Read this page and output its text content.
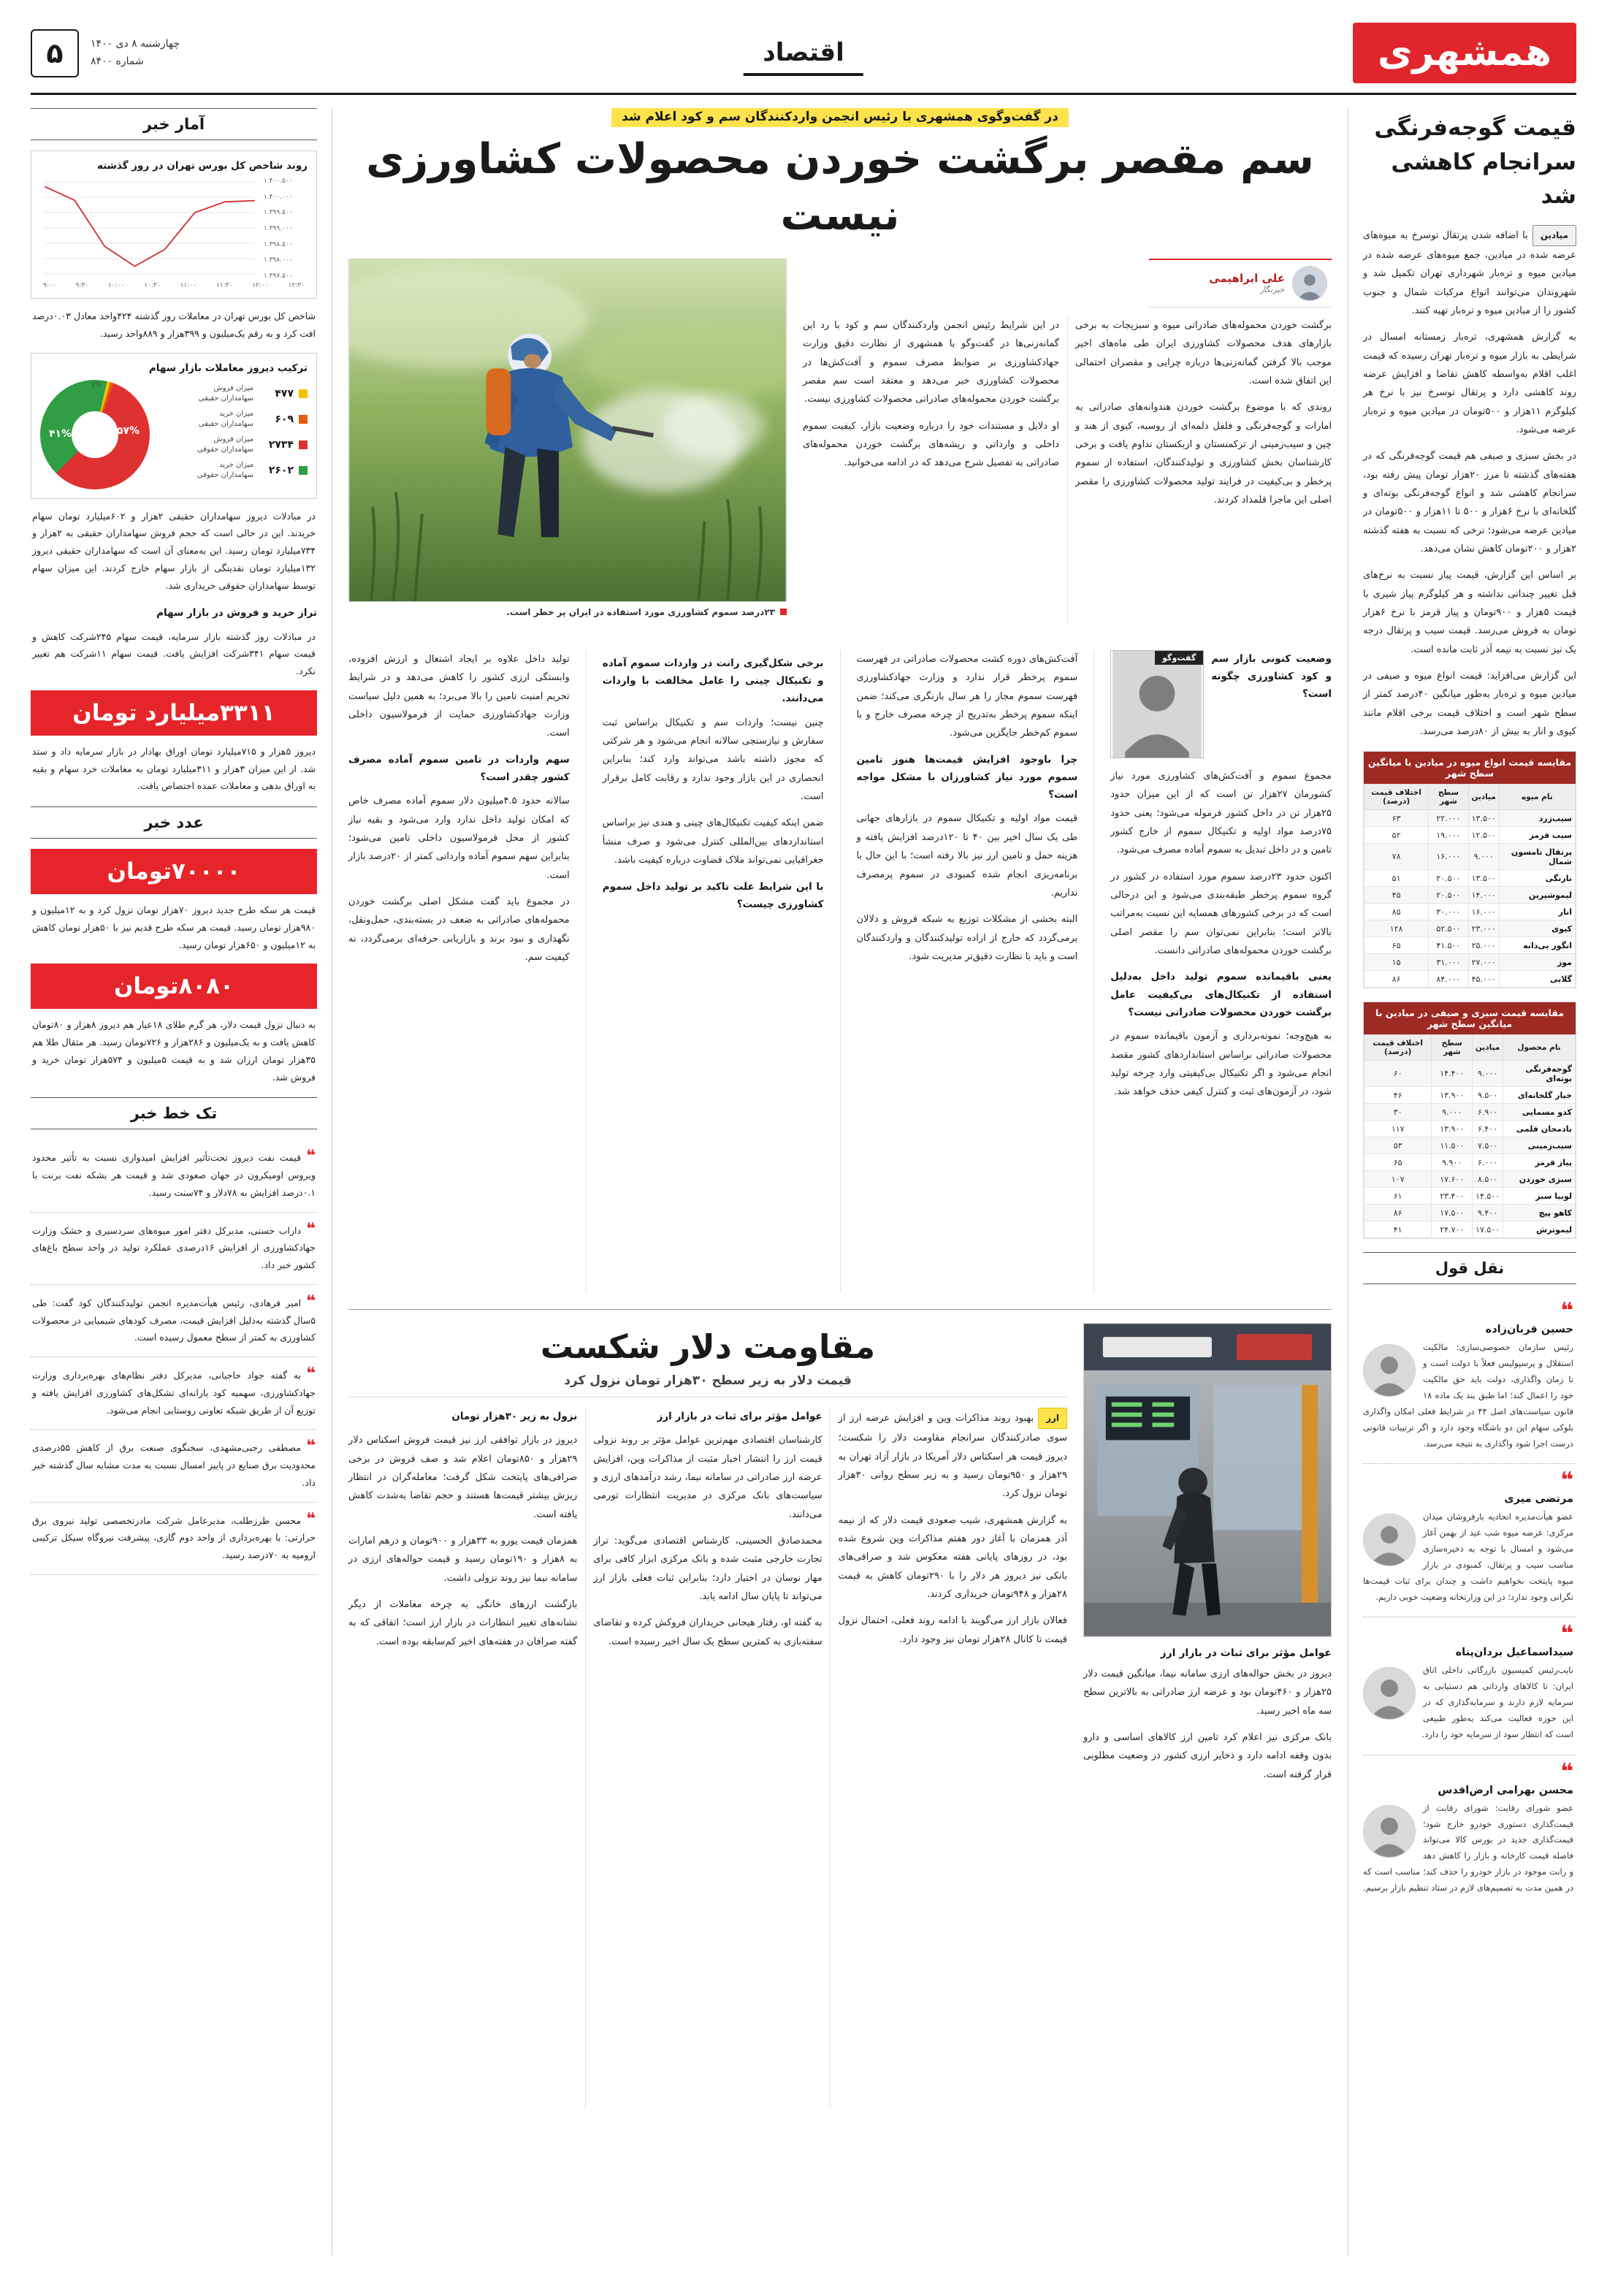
همشهری
اقتصاد
چهارشنبه ۸ دی ۱۴۰۰
شماره ۸۴۰۰
۵
قیمت گوجه‌فرنگی سرانجام کاهشی شد

میادینبا اضافه شدن پرتقال توسرخ به میوه‌های عرضه شده در میادین، جمع میوه‌های عرضه شده در میادین میوه و تره‌بار شهرداری تهران تکمیل شد و شهروندان می‌توانند انواع مرکبات شمال و جنوب کشور را از میادین میوه و تره‌بار تهیه کنند.

به گزارش همشهری، تره‌بار زمستانه امسال در شرایطی به بازار میوه و تره‌بار تهران رسیده که قیمت اغلب اقلام به‌واسطه کاهش تقاضا و افزایش عرضه روند کاهشی دارد و پرتقال توسرخ نیز با نرخ هر کیلوگرم ۱۱هزار و ۵۰۰تومان در میادین میوه و تره‌بار عرضه می‌شود.

در بخش سبزی و صیفی هم قیمت گوجه‌فرنگی که در هفته‌های گذشته تا مرز ۲۰هزار تومان پیش رفته بود، سرانجام کاهشی شد و انواع گوجه‌فرنگی بوته‌ای و گلخانه‌ای با نرخ ۶هزار و ۵۰۰ تا ۱۱هزار و ۵۰۰تومان در میادین عرضه می‌شود؛ نرخی که نسبت به هفته گذشته ۲هزار و ۲۰۰تومان کاهش نشان می‌دهد.

بر اساس این گزارش، قیمت پیاز نسبت به نرخ‌های قبل تغییر چندانی نداشته و هر کیلوگرم پیاز شیری با قیمت ۵هزار و ۹۰۰تومان و پیاز قرمز با نرخ ۶هزار تومان به فروش می‌رسد. قیمت سیب و پرتقال درجه یک نیز نسبت به نیمه آذر ثابت مانده است.

این گزارش می‌افزاید: قیمت انواع میوه و صیفی در میادین میوه و تره‌بار به‌طور میانگین ۴۰درصد کمتر از سطح شهر است و اختلاف قیمت برخی اقلام مانند کیوی و انار به بیش از ۸۰درصد می‌رسد.

مقایسه قیمت انواع میوه در میادین با میانگین سطح شهر
نام میوه	میادین	سطح شهر	اختلاف قیمت (درصد)
سیب‌زرد	۱۳.۵۰۰	۲۲.۰۰۰	۶۳
سیب قرمز	۱۲.۵۰۰	۱۹.۰۰۰	۵۲
پرتقال تامسون شمال	۹.۰۰۰	۱۶.۰۰۰	۷۸
نارنگی	۱۳.۵۰۰	۲۰.۵۰۰	۵۱
لیموشیرین	۱۴.۰۰۰	۲۰.۵۰۰	۴۵
انار	۱۶.۰۰۰	۳۰.۰۰۰	۸۵
کیوی	۲۳.۰۰۰	۵۲.۵۰۰	۱۲۸
انگور بی‌دانه	۲۵.۰۰۰	۴۱.۵۰۰	۶۵
موز	۲۷.۰۰۰	۳۱.۰۰۰	۱۵
گلابی	۴۵.۰۰۰	۸۴.۰۰۰	۸۶
مقایسه قیمت سبزی و صیفی در میادین با میانگین سطح شهر
نام محصول	میادین	سطح شهر	اختلاف قیمت (درصد)
گوجه‌فرنگی بوته‌ای	۹.۰۰۰	۱۴.۴۰۰	۶۰
خیار گلخانه‌ای	۹.۵۰۰	۱۳.۹۰۰	۴۶
کدو مسمایی	۶.۹۰۰	۹.۰۰۰	۳۰
بادمجان قلمی	۶.۴۰۰	۱۳.۹۰۰	۱۱۷
سیب‌زمینی	۷.۵۰۰	۱۱.۵۰۰	۵۳
پیاز قرمز	۶.۰۰۰	۹.۹۰۰	۶۵
سبزی خوردن	۸.۵۰۰	۱۷.۶۰۰	۱۰۷
لوبیا سبز	۱۴.۵۰۰	۲۳.۴۰۰	۶۱
کاهو پیچ	۹.۴۰۰	۱۷.۵۰۰	۸۶
لیموترش	۱۷.۵۰۰	۲۴.۷۰۰	۴۱
نقل قول
❝
حسین قربان‌زاده
رئیس سازمان خصوصی‌سازی: مالکیت استقلال و پرسپولیس فعلاً با دولت است و تا زمان واگذاری، دولت باید حق مالکیت خود را اعمال کند؛ اما طبق بند یک ماده ۱۸ قانون سیاست‌های اصل ۴۴ در شرایط فعلی امکان واگذاری بلوکی سهام این دو باشگاه وجود دارد و اگر ترتیبات قانونی درست اجرا شود واگذاری به نتیجه می‌رسد.
❝
مرتضی میری
عضو هیأت‌مدیره اتحادیه بارفروشان میدان مرکزی: عرضه میوه شب عید از بهمن آغاز می‌شود و امسال با توجه به ذخیره‌سازی مناسب سیب و پرتقال، کمبودی در بازار میوه پایتخت نخواهیم داشت و چندان برای ثبات قیمت‌ها نگرانی وجود ندارد؛ در این وزارتخانه وضعیت خوبی داریم.
❝
سیداسماعیل بردان‌پناه
نایب‌رئیس کمیسیون بازرگانی داخلی اتاق ایران: تا کالاهای وارداتی هم دستیابی به سرمایه لازم دارند و سرمایه‌گذاری که در این حوزه فعالیت می‌کند به‌طور طبیعی است که انتظار سود از سرمایه خود را دارد.
❝
محسن بهرامی ارض‌اقدس
عضو شورای رقابت: شورای رقابت از قیمت‌گذاری دستوری خودرو خارج شود؛ قیمت‌گذاری جدید در بورس کالا می‌تواند فاصله قیمت کارخانه و بازار را کاهش دهد و رانت موجود در بازار خودرو را حذف کند؛ مناسب است که در همین مدت به تصمیم‌های لازم در ستاد تنظیم بازار برسیم.
در گفت‌وگوی همشهری با رئیس انجمن واردکنندگان سم و کود اعلام شد
سم مقصر برگشت خوردن محصولات کشاورزی نیست
علی ابراهیمی
خبرنگار

برگشت خوردن محموله‌های صادراتی میوه و سبزیجات به برخی بازارهای هدف محصولات کشاورزی ایران طی ماه‌های اخیر موجب بالا گرفتن گمانه‌زنی‌ها درباره چرایی و مقصران احتمالی این اتفاق شده است.

روندی که با موضوع برگشت خوردن هندوانه‌های صادراتی به امارات و گوجه‌فرنگی و فلفل دلمه‌ای از روسیه، کیوی از هند و چین و سیب‌زمینی از ترکمنستان و ازبکستان تداوم یافت و برخی کارشناسان بخش کشاورزی و تولیدکنندگان، استفاده از سموم پرخطر و بی‌کیفیت در فرایند تولید محصولات کشاورزی را مقصر اصلی این ماجرا قلمداد کردند.

در این شرایط رئیس انجمن واردکنندگان سم و کود با رد این گمانه‌زنی‌ها در گفت‌وگو با همشهری از نظارت دقیق وزارت جهادکشاورزی بر ضوابط مصرف سموم و آفت‌کش‌ها در محصولات کشاورزی خبر می‌دهد و معتقد است سم مقصر برگشت خوردن محموله‌های صادراتی محصولات کشاورزی نیست.

او دلایل و مستندات خود را درباره وضعیت بازار، کیفیت سموم داخلی و وارداتی و ریشه‌های برگشت خوردن محموله‌های صادراتی به تفصیل شرح می‌دهد که در ادامه می‌خوانید.

۲۳درصد سموم کشاورزی مورد استفاده در ایران پر خطر است.
وضعیت کنونی بازار سم و کود کشاورزی چگونه است؟
گفت‌وگو

مجموع سموم و آفت‌کش‌های کشاورزی مورد نیاز کشورمان ۲۷هزار تن است که از این میزان حدود ۲۵هزار تن در داخل کشور فرموله می‌شود؛ یعنی حدود ۷۵درصد مواد اولیه و تکنیکال سموم از خارج کشور تامین و در داخل تبدیل به سموم آماده مصرف می‌شود.

اکنون حدود ۲۳درصد سموم مورد استفاده در کشور در گروه سموم پرخطر طبقه‌بندی می‌شود و این درحالی است که در برخی کشورهای همسایه این نسبت به‌مراتب بالاتر است؛ بنابراین نمی‌توان سم را مقصر اصلی برگشت خوردن محموله‌های صادراتی دانست.

یعنی باقیمانده سموم تولید داخل به‌دلیل استفاده از تکنیکال‌های بی‌کیفیت عامل برگشت خوردن محصولات صادراتی نیست؟

به هیچ‌وجه؛ نمونه‌برداری و آزمون باقیمانده سموم در محصولات صادراتی براساس استانداردهای کشور مقصد انجام می‌شود و اگر تکنیکال بی‌کیفیتی وارد چرخه تولید شود، در آزمون‌های ثبت و کنترل کیفی حذف خواهد شد.

آفت‌کش‌های دوره کشت محصولات صادراتی در فهرست سموم پرخطر قرار ندارد و وزارت جهادکشاورزی فهرست سموم مجاز را هر سال بازنگری می‌کند؛ ضمن اینکه سموم پرخطر به‌تدریج از چرخه مصرف خارج و با سموم کم‌خطر جایگزین می‌شود.

چرا باوجود افزایش قیمت‌ها هنوز تامین سموم مورد نیاز کشاورزان با مشکل مواجه است؟

قیمت مواد اولیه و تکنیکال سموم در بازارهای جهانی طی یک سال اخیر بین ۴۰ تا ۱۲۰درصد افزایش یافته و هزینه حمل و تامین ارز نیز بالا رفته است؛ با این حال با برنامه‌ریزی انجام شده کمبودی در سموم پرمصرف نداریم.

البته بخشی از مشکلات توزیع به شبکه فروش و دلالان برمی‌گردد که خارج از اراده تولیدکنندگان و واردکنندگان است و باید با نظارت دقیق‌تر مدیریت شود.

برخی شکل‌گیری رانت در واردات سموم آماده و تکنیکال چینی را عامل مخالفت با واردات می‌دانند.

چنین نیست؛ واردات سم و تکنیکال براساس ثبت سفارش و نیازسنجی سالانه انجام می‌شود و هر شرکتی که مجوز داشته باشد می‌تواند وارد کند؛ بنابراین انحصاری در این بازار وجود ندارد و رقابت کامل برقرار است.

ضمن اینکه کیفیت تکنیکال‌های چینی و هندی نیز براساس استانداردهای بین‌المللی کنترل می‌شود و صرف منشأ جغرافیایی نمی‌تواند ملاک قضاوت درباره کیفیت باشد.

با این شرایط علت تاکید بر تولید داخل سموم کشاورزی چیست؟

تولید داخل علاوه بر ایجاد اشتغال و ارزش افزوده، وابستگی ارزی کشور را کاهش می‌دهد و در شرایط تحریم امنیت تامین را بالا می‌برد؛ به همین دلیل سیاست وزارت جهادکشاورزی حمایت از فرمولاسیون داخلی است.

سهم واردات در تامین سموم آماده مصرف کشور چقدر است؟

سالانه حدود ۴.۵میلیون دلار سموم آماده مصرف خاص که امکان تولید داخل ندارد وارد می‌شود و بقیه نیاز کشور از محل فرمولاسیون داخلی تامین می‌شود؛ بنابراین سهم سموم آماده وارداتی کمتر از ۲۰درصد بازار است.

در مجموع باید گفت مشکل اصلی برگشت خوردن محموله‌های صادراتی به ضعف در بسته‌بندی، حمل‌ونقل، نگهداری و نبود برند و بازاریابی حرفه‌ای برمی‌گردد، نه کیفیت سم.

عوامل مؤثر برای ثبات در بازار ارز

دیروز در بخش حواله‌های ارزی سامانه نیما، میانگین قیمت دلار ۲۵هزار و ۴۶۰تومان بود و عرضه ارز صادراتی به بالاترین سطح سه ماه اخیر رسید.

بانک مرکزی نیز اعلام کرد تامین ارز کالاهای اساسی و دارو بدون وقفه ادامه دارد و ذخایر ارزی کشور در وضعیت مطلوبی قرار گرفته است.

مقاومت دلار شکست
قیمت دلار به زیر سطح ۳۰هزار تومان نزول کرد

ارزبهبود روند مذاکرات وین و افزایش عرضه ارز از سوی صادرکنندگان سرانجام مقاومت دلار را شکست؛ دیروز قیمت هر اسکناس دلار آمریکا در بازار آزاد تهران به ۲۹هزار و ۹۵۰تومان رسید و به زیر سطح روانی ۳۰هزار تومان نزول کرد.

به گزارش همشهری، شیب صعودی قیمت دلار که از نیمه آذر همزمان با آغاز دور هفتم مذاکرات وین شروع شده بود، در روزهای پایانی هفته معکوس شد و صرافی‌های بانکی نیز دیروز هر دلار را با ۲۹۰تومان کاهش به قیمت ۲۸هزار و ۹۴۸تومان خریداری کردند.

فعالان بازار ارز می‌گویند با ادامه روند فعلی، احتمال نزول قیمت تا کانال ۲۸هزار تومان نیز وجود دارد.

عوامل مؤثر برای ثبات در بازار ارز

کارشناسان اقتصادی مهم‌ترین عوامل مؤثر بر روند نزولی قیمت ارز را انتشار اخبار مثبت از مذاکرات وین، افزایش عرضه ارز صادراتی در سامانه نیما، رشد درآمدهای ارزی و سیاست‌های بانک مرکزی در مدیریت انتظارات تورمی می‌دانند.

محمدصادق الحسینی، کارشناس اقتصادی می‌گوید: تراز تجارت خارجی مثبت شده و بانک مرکزی ابزار کافی برای مهار نوسان در اختیار دارد؛ بنابراین ثبات فعلی بازار ارز می‌تواند تا پایان سال ادامه یابد.

به گفته او، رفتار هیجانی خریداران فروکش کرده و تقاضای سفته‌بازی به کمترین سطح یک سال اخیر رسیده است.

نزول به زیر ۳۰هزار تومان

دیروز در بازار توافقی ارز نیز قیمت فروش اسکناس دلار ۲۹هزار و ۸۵۰تومان اعلام شد و صف فروش در برخی صرافی‌های پایتخت شکل گرفت؛ معامله‌گران در انتظار ریزش بیشتر قیمت‌ها هستند و حجم تقاضا به‌شدت کاهش یافته است.

همزمان قیمت یورو به ۳۳هزار و ۹۰۰تومان و درهم امارات به ۸هزار و ۱۹۰تومان رسید و قیمت حواله‌های ارزی در سامانه نیما نیز روند نزولی داشت.

بازگشت ارزهای خانگی به چرخه معاملات از دیگر نشانه‌های تغییر انتظارات در بازار ارز است؛ اتفاقی که به گفته صرافان در هفته‌های اخیر کم‌سابقه بوده است.

آمار خبر
روند شاخص کل بورس تهران در روز گذشته
۱.۴۰۰.۵۰۰
۱.۴۰۰.۰۰۰
۱.۳۹۹.۵۰۰
۱.۳۹۹.۰۰۰
۱.۳۹۸.۵۰۰
۱.۳۹۸.۰۰۰
۱.۳۹۷.۵۰۰
۹:۰۰	۹:۳۰	۱۰:۰۰	۱۰:۳۰	۱۱:۰۰	۱۱:۳۰	۱۲:۰۰	۱۲:۳۰

شاخص کل بورس تهران در معاملات روز گذشته ۴۲۴واحد معادل ۰.۰۳درصد افت کرد و به رقم یک‌میلیون و ۳۹۹هزار و ۸۸۹واحد رسید.

ترکیب دیروز معاملات بازار سهام
۴۷۷
میزان فروش
سهامداران حقیقی
۶۰۹
میزان خرید
سهامداران حقیقی
۲۷۳۴
میزان فروش
سهامداران حقوقی
۲۶۰۲
میزان خرید
سهامداران حقوقی
۵۷%
۴۱%
۱%

در مبادلات دیروز سهامداران حقیقی ۲هزار و ۶۰۲میلیارد تومان سهام خریدند. این در حالی است که حجم فروش سهامداران حقیقی به ۲هزار و ۷۳۴میلیارد تومان رسید. این به‌معنای آن است که سهامداران حقیقی دیروز ۱۳۲میلیارد تومان نقدینگی از بازار سهام خارج کردند. این میزان سهام توسط سهامداران حقوقی خریداری شد.

تراز خرید و فروش در بازار سهام

در مبادلات روز گذشته بازار سرمایه، قیمت سهام ۲۴۵شرکت کاهش و قیمت سهام ۳۴۱شرکت افزایش یافت. قیمت سهام ۱۱شرکت هم تغییر نکرد.

۳۳۱۱میلیارد تومان

دیروز ۵هزار و ۷۱۵میلیارد تومان اوراق بهادار در بازار سرمایه داد و ستد شد. از این میزان ۳هزار و ۳۱۱میلیارد تومان به معاملات خرد سهام و بقیه به اوراق بدهی و معاملات عمده اختصاص یافت.

عدد خبر
۷۰۰۰۰تومان

قیمت هر سکه طرح جدید دیروز ۷۰هزار تومان نزول کرد و به ۱۲میلیون و ۹۸۰هزار تومان رسید. قیمت هر سکه طرح قدیم نیز با ۵۰هزار تومان کاهش به ۱۲میلیون و ۶۵۰هزار تومان رسید.

۸۰۸۰تومان

به دنبال نزول قیمت دلار، هر گرم طلای ۱۸عیار هم دیروز ۸هزار و ۸۰تومان کاهش یافت و به یک‌میلیون و ۲۸۶هزار و ۷۲۶تومان رسید. هر مثقال طلا هم ۳۵هزار تومان ارزان شد و به قیمت ۵میلیون و ۵۷۴هزار تومان خرید و فروش شد.

تک خط خبر
❝
قیمت نفت دیروز تحت‌تأثیر افزایش امیدواری نسبت به تأثیر محدود ویروس اومیکرون در جهان صعودی شد و قیمت هر بشکه نفت برنت با ۰.۱درصد افزایش به ۷۸دلار و ۷۴سنت رسید.
❝
داراب حسنی، مدیرکل دفتر امور میوه‌های سردسیری و خشک وزارت جهادکشاورزی از افزایش ۱۶درصدی عملکرد تولید در واحد سطح باغ‌های کشور خبر داد.
❝
امیر فرهادی، رئیس هیأت‌مدیره انجمن تولیدکنندگان کود گفت: طی ۵سال گذشته به‌دلیل افزایش قیمت، مصرف کودهای شیمیایی در محصولات کشاورزی به کمتر از سطح معمول رسیده است.
❝
به گفته جواد حاجیانی، مدیرکل دفتر نظام‌های بهره‌برداری وزارت جهادکشاورزی، سهمیه کود یارانه‌ای تشکل‌های کشاورزی افزایش یافته و توزیع آن از طریق شبکه تعاونی روستایی انجام می‌شود.
❝
مصطفی رجبی‌مشهدی، سخنگوی صنعت برق از کاهش ۵۵درصدی محدودیت برق صنایع در پاییز امسال نسبت به مدت مشابه سال گذشته خبر داد.
❝
محسن طرزطلب، مدیرعامل شرکت مادرتخصصی تولید نیروی برق حرارتی: با بهره‌برداری از واحد دوم گازی، پیشرفت نیروگاه سیکل ترکیبی ارومیه به ۷۰درصد رسید.
